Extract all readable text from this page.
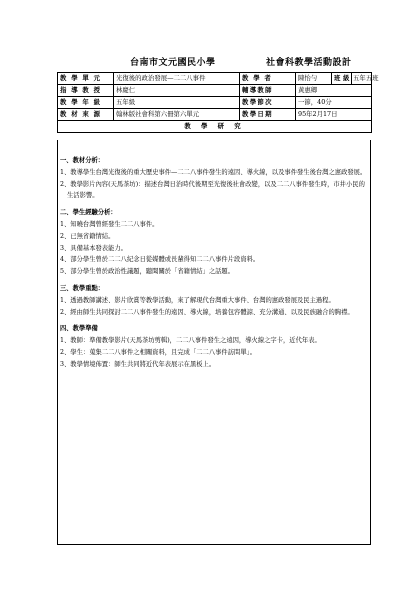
台南市文元國民小學	社會科教學活動設計
教 學 單 元	光復後的政治發展—二二八事件	教 學 者	陳怡勻	班 級	五年五班
指 導 教 授	林慶仁	輔導教師	黃惠卿		
教 學 年 級	五年級	教學節次	一節，40分		
教 材 來 源	翰林版社會科第六冊第六單元	教學日期	95年2月17日		
教 學 研 究					
一、教材分析：
1、教導學生台灣光復後的重大歷史事件—二二八事件發生的遠因、導火線，以及事件發生後台灣之憲政發展。
2、教學影片內容(天馬茶坊)：描述台灣日治時代後期至光復後社會改變，以及二二八事件發生時，市井小民的生活影響。
二、學生經驗分析：
1、知曉台灣曾經發生二二八事件。
2、已無省籍情結。
3、具備基本發表能力。
4、部分學生曾於二二八紀念日從媒體或長輩得知二二八事件片段資料。
5、部分學生曾於政治性議題，聽聞關於「省籍情結」之話題。
三、教學重點：
1、透過教師講述、影片欣賞等教學活動，來了解現代台灣重大事件、台灣的憲政發展及民主過程。
2、經由師生共同探討二二八事件發生的遠因、導火線，培養包容體諒、充分溝通、以及民族融合的胸襟。
四、教學準備
1、教師：準備教學影片(天馬茶坊剪輯)，二二八事件發生之遠因，導火線之字卡，近代年表。
2、學生：蒐集二二八事件之相關資料，且完成「二二八事件訪問單」。
3、教學情境佈置：師生共同將近代年表展示在黑板上。
